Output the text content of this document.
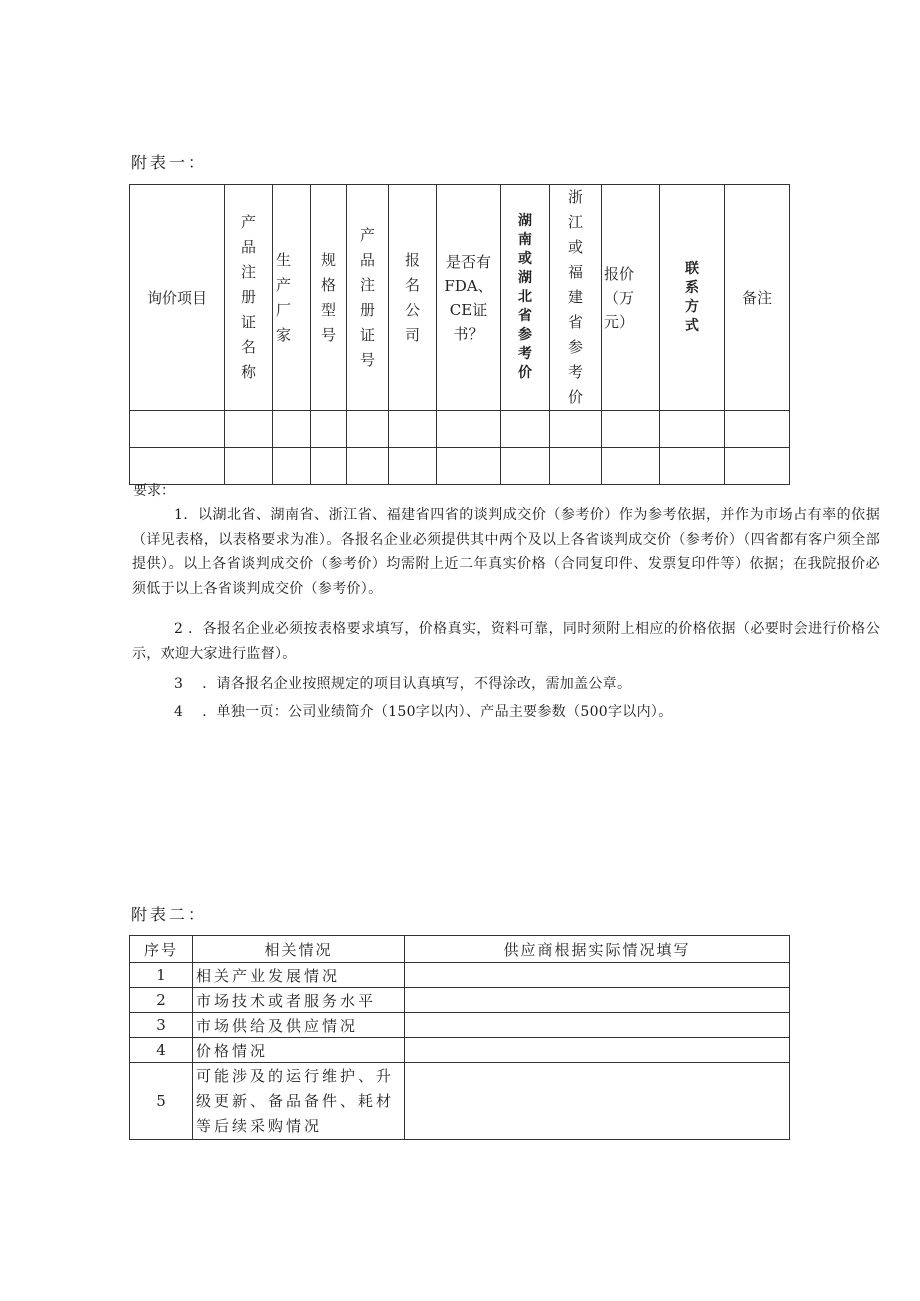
附表一：
询价项目	产品注册证名称	生产厂家	规格型号	产品注册证号	报名公司	是否有FDA、CE证书？	湖南或湖北省参考价	浙江或福建省参考价	报价（万元）	联系方式	备注

要求：
1．以湖北省、湖南省、浙江省、福建省四省的谈判成交价（参考价）作为参考依据，并作为市场占有率的依据（详见表格，以表格要求为准）。各报名企业必须提供其中两个及以上各省谈判成交价（参考价）（四省都有客户须全部提供）。以上各省谈判成交价（参考价）均需附上近二年真实价格（合同复印件、发票复印件等）依据；在我院报价必须低于以上各省谈判成交价（参考价）。
2 ．各报名企业必须按表格要求填写，价格真实，资料可靠，同时须附上相应的价格依据（必要时会进行价格公示，欢迎大家进行监督）。
3　 ．请各报名企业按照规定的项目认真填写，不得涂改，需加盖公章。
4　 ．单独一页：公司业绩简介（150字以内）、产品主要参数（500字以内）。
附表二：
序号	相关情况	供应商根据实际情况填写
1	相关产业发展情况	
2	市场技术或者服务水平	
3	市场供给及供应情况	
4	价格情况	
5	可能涉及的运行维护、升级更新、备品备件、耗材等后续采购情况	
